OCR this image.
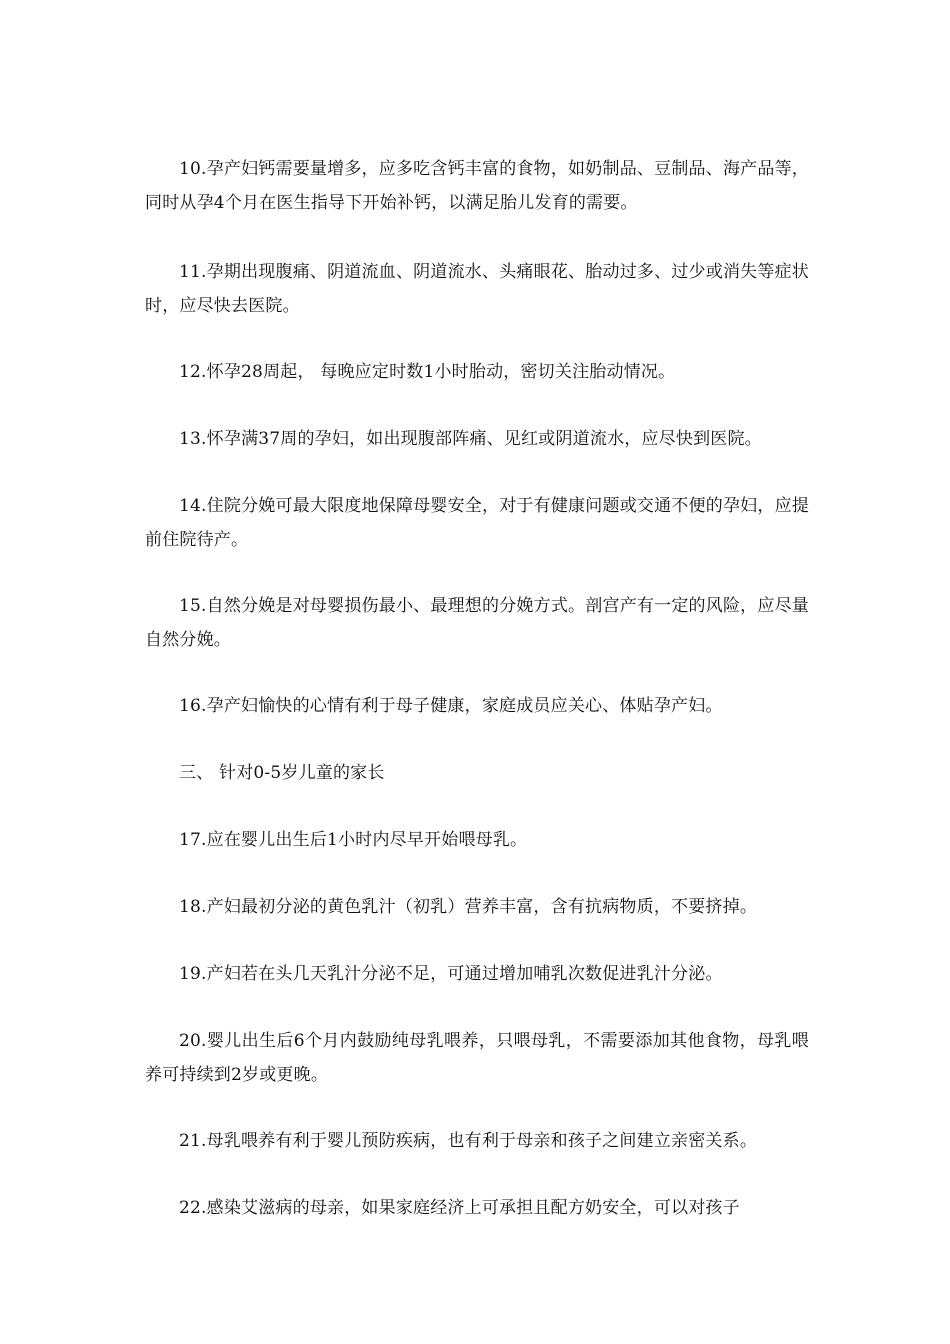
10.孕产妇钙需要量增多，应多吃含钙丰富的食物，如奶制品、豆制品、海产品等，同时从孕4个月在医生指导下开始补钙，以满足胎儿发育的需要。

11.孕期出现腹痛、阴道流血、阴道流水、头痛眼花、胎动过多、过少或消失等症状时，应尽快去医院。

12.怀孕28周起， 每晚应定时数1小时胎动，密切关注胎动情况。

13.怀孕满37周的孕妇，如出现腹部阵痛、见红或阴道流水，应尽快到医院。

14.住院分娩可最大限度地保障母婴安全，对于有健康问题或交通不便的孕妇，应提前住院待产。

15.自然分娩是对母婴损伤最小、最理想的分娩方式。剖宫产有一定的风险，应尽量自然分娩。

16.孕产妇愉快的心情有利于母子健康，家庭成员应关心、体贴孕产妇。

三、 针对0-5岁儿童的家长

17.应在婴儿出生后1小时内尽早开始喂母乳。

18.产妇最初分泌的黄色乳汁（初乳）营养丰富，含有抗病物质，不要挤掉。

19.产妇若在头几天乳汁分泌不足，可通过增加哺乳次数促进乳汁分泌。

20.婴儿出生后6个月内鼓励纯母乳喂养，只喂母乳，不需要添加其他食物，母乳喂养可持续到2岁或更晚。

21.母乳喂养有利于婴儿预防疾病，也有利于母亲和孩子之间建立亲密关系。

22.感染艾滋病的母亲，如果家庭经济上可承担且配方奶安全，可以对孩子
